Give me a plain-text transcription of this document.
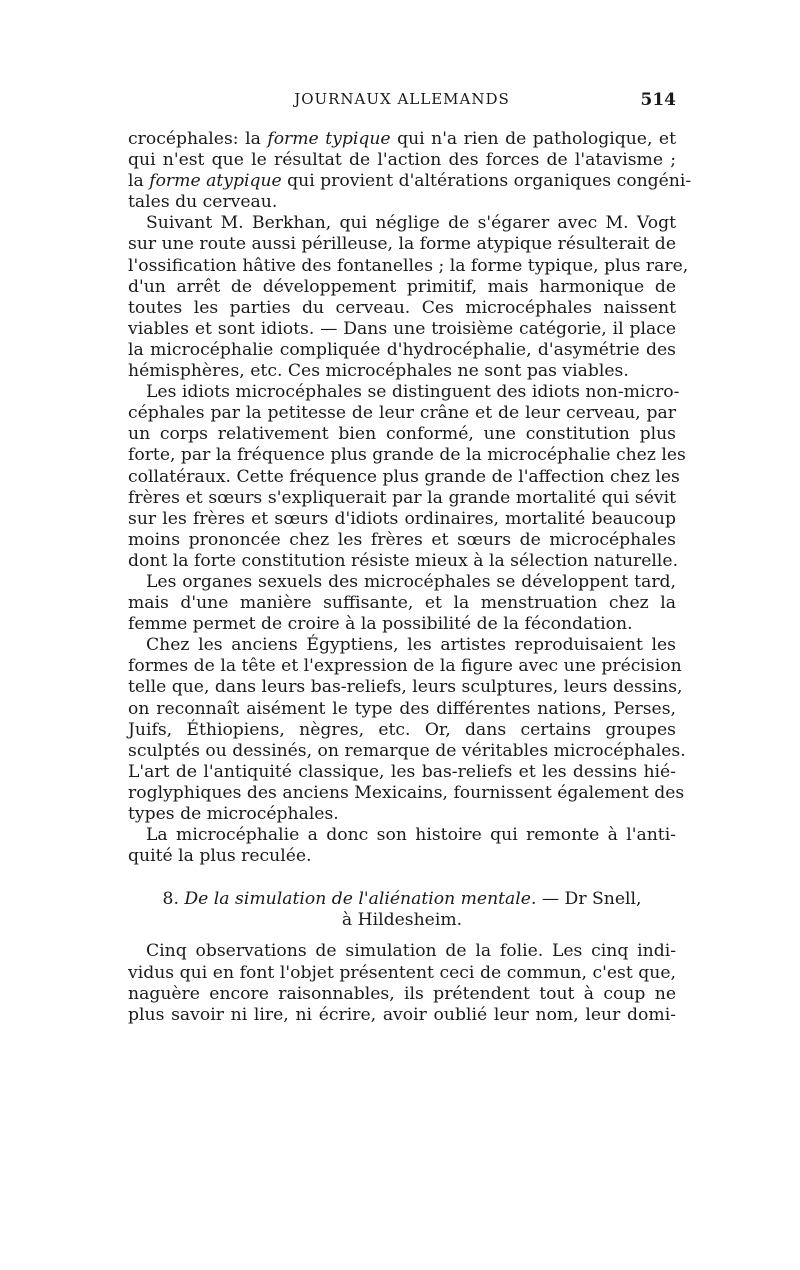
JOURNAUX ALLEMANDS	514
crocéphales: la forme typique qui n'a rien de pathologique, et
qui n'est que le résultat de l'action des forces de l'atavisme ;
la forme atypique qui provient d'altérations organiques congéni-
tales du cerveau.
Suivant M. Berkhan, qui néglige de s'égarer avec M. Vogt
sur une route aussi périlleuse, la forme atypique résulterait de
l'ossification hâtive des fontanelles ; la forme typique, plus rare,
d'un arrêt de développement primitif, mais harmonique de
toutes les parties du cerveau. Ces microcéphales naissent
viables et sont idiots. — Dans une troisième catégorie, il place
la microcéphalie compliquée d'hydrocéphalie, d'asymétrie des
hémisphères, etc. Ces microcéphales ne sont pas viables.
Les idiots microcéphales se distinguent des idiots non-micro-
céphales par la petitesse de leur crâne et de leur cerveau, par
un corps relativement bien conformé, une constitution plus
forte, par la fréquence plus grande de la microcéphalie chez les
collatéraux. Cette fréquence plus grande de l'affection chez les
frères et sœurs s'expliquerait par la grande mortalité qui sévit
sur les frères et sœurs d'idiots ordinaires, mortalité beaucoup
moins prononcée chez les frères et sœurs de microcéphales
dont la forte constitution résiste mieux à la sélection naturelle.
Les organes sexuels des microcéphales se développent tard,
mais d'une manière suffisante, et la menstruation chez la
femme permet de croire à la possibilité de la fécondation.
Chez les anciens Égyptiens, les artistes reproduisaient les
formes de la tête et l'expression de la figure avec une précision
telle que, dans leurs bas-reliefs, leurs sculptures, leurs dessins,
on reconnaît aisément le type des différentes nations, Perses,
Juifs, Éthiopiens, nègres, etc. Or, dans certains groupes
sculptés ou dessinés, on remarque de véritables microcéphales.
L'art de l'antiquité classique, les bas-reliefs et les dessins hié-
roglyphiques des anciens Mexicains, fournissent également des
types de microcéphales.
La microcéphalie a donc son histoire qui remonte à l'anti-
quité la plus reculée.
8. De la simulation de l'aliénation mentale. — Dr Snell,
à Hildesheim.
Cinq observations de simulation de la folie. Les cinq indi-
vidus qui en font l'objet présentent ceci de commun, c'est que,
naguère encore raisonnables, ils prétendent tout à coup ne
plus savoir ni lire, ni écrire, avoir oublié leur nom, leur domi-
